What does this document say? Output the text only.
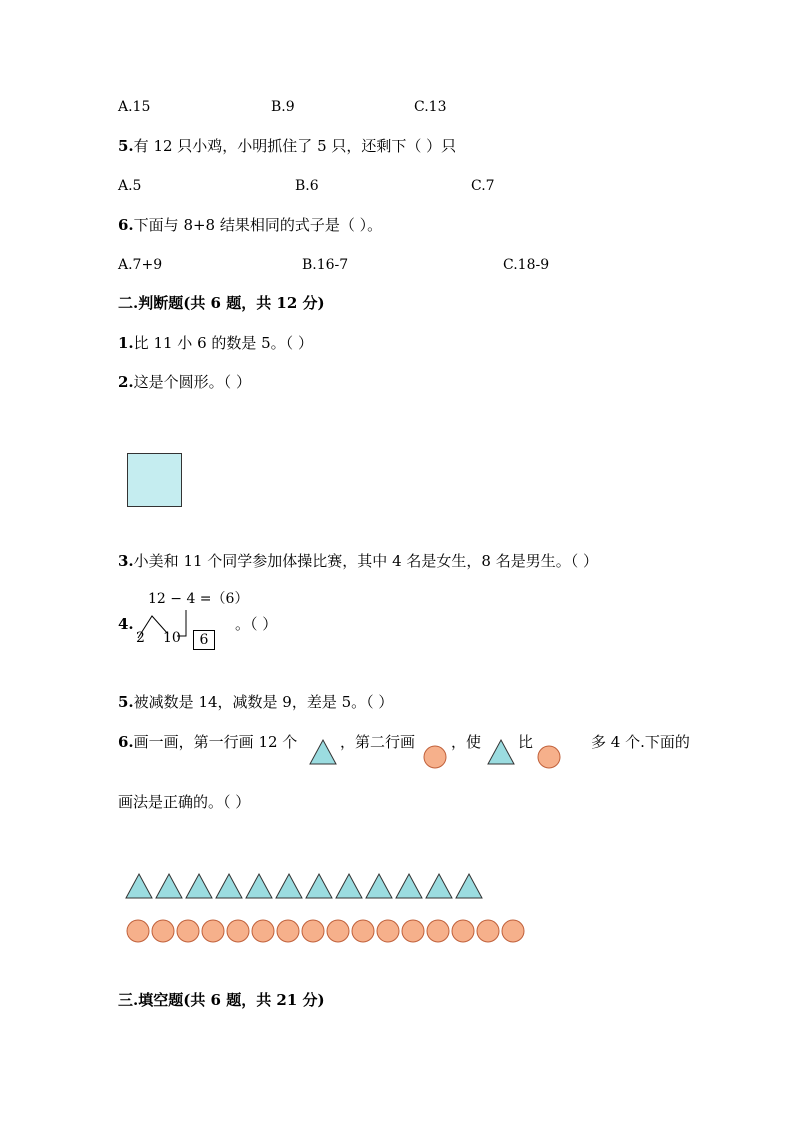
A.15	B.9	C.13
5.有 12 只小鸡，小明抓住了 5 只，还剩下（ ）只
A.5	B.6	C.7
6.下面与 8+8 结果相同的式子是（ ）。
A.7+9	B.16-7	C.18-9
二.判断题(共 6 题，共 12 分)
1.比 11 小 6 的数是 5。（ ）
2.这是个圆形。（ ）
3.小美和 11 个同学参加体操比赛，其中 4 名是女生，8 名是男生。（ ）
4.
12 − 4 =（6）
2 10	6
。（ ）
5.被减数是 14，减数是 9，差是 5。（ ）
6.画一画，第一行画 12 个	，第二行画 ，使 比	多 4 个.下面的
画法是正确的。（ ）
三.填空题(共 6 题，共 21 分)
